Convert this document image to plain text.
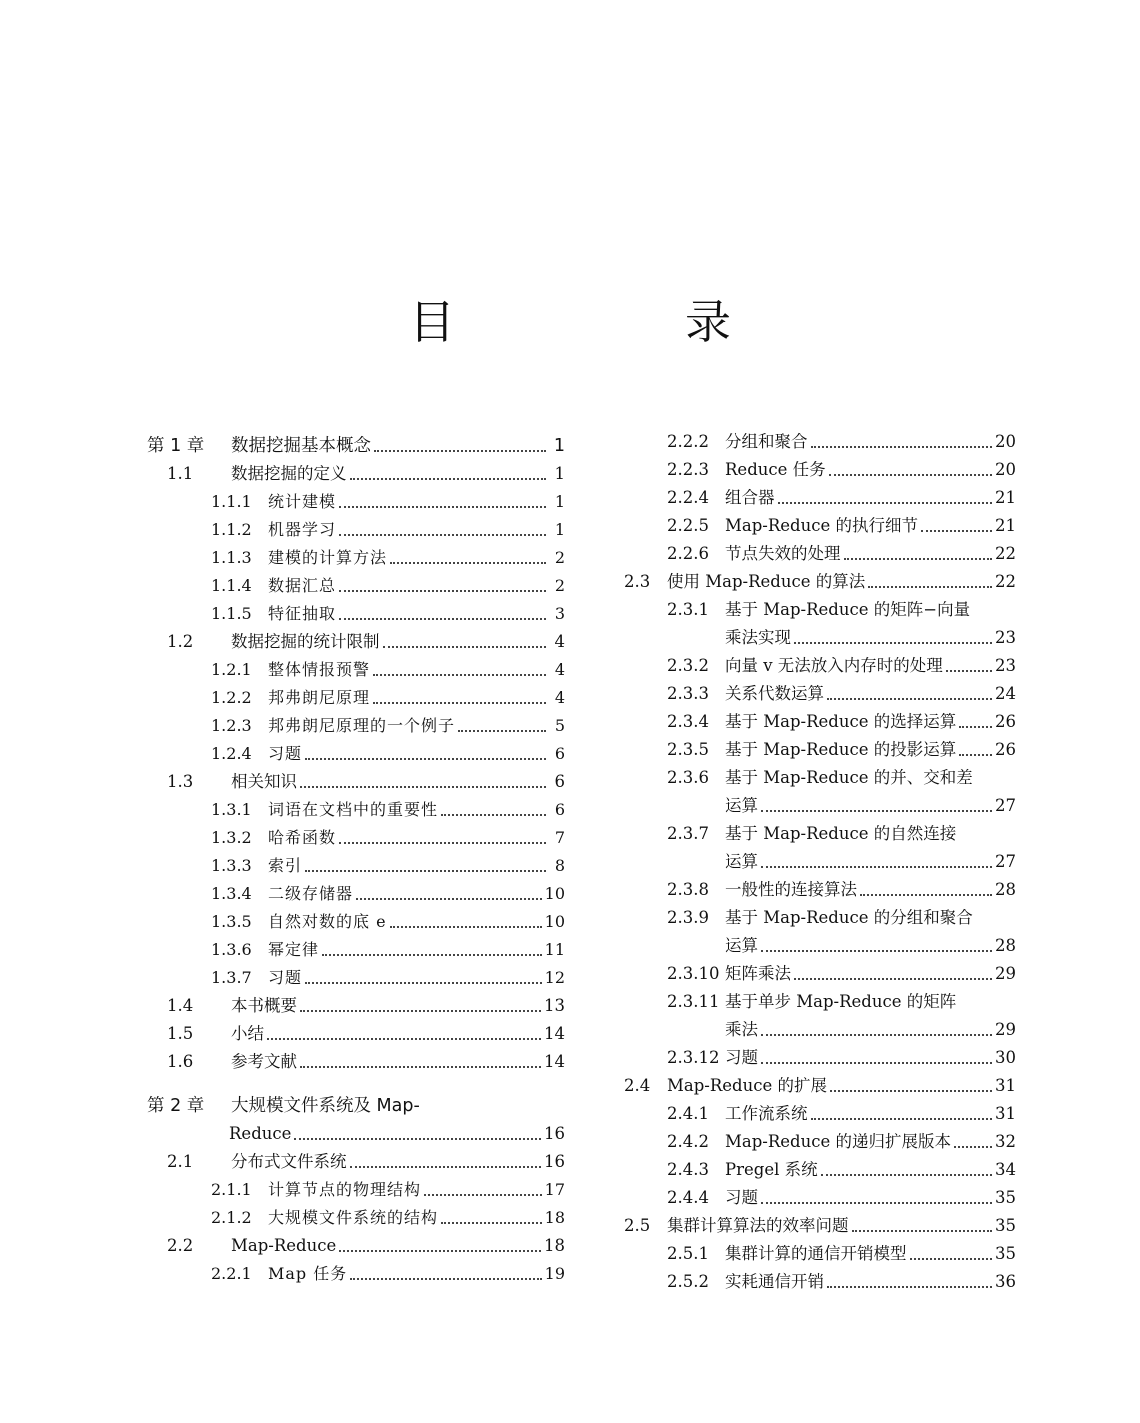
目　录
第 1 章	数据挖掘基本概念	1
1.1	数据挖掘的定义	1
1.1.1	统计建模	1
1.1.2	机器学习	1
1.1.3	建模的计算方法	2
1.1.4	数据汇总	2
1.1.5	特征抽取	3
1.2	数据挖掘的统计限制	4
1.2.1	整体情报预警	4
1.2.2	邦弗朗尼原理	4
1.2.3	邦弗朗尼原理的一个例子	5
1.2.4	习题	6
1.3	相关知识	6
1.3.1	词语在文档中的重要性	6
1.3.2	哈希函数	7
1.3.3	索引	8
1.3.4	二级存储器	10
1.3.5	自然对数的底 e	10
1.3.6	幂定律	11
1.3.7	习题	12
1.4	本书概要	13
1.5	小结	14
1.6	参考文献	14
第 2 章	大规模文件系统及 Map-
Reduce	16
2.1	分布式文件系统	16
2.1.1	计算节点的物理结构	17
2.1.2	大规模文件系统的结构	18
2.2	Map-Reduce	18
2.2.1	Map 任务	19
2.2.2 分组和聚合	20
2.2.3 Reduce 任务	20
2.2.4 组合器	21
2.2.5 Map-Reduce 的执行细节	21
2.2.6 节点失效的处理	22
2.3	使用 Map-Reduce 的算法	22
2.3.1 基于 Map-Reduce 的矩阵−向量
乘法实现	23
2.3.2 向量 v 无法放入内存时的处理	23
2.3.3 关系代数运算	24
2.3.4 基于 Map-Reduce 的选择运算 26
2.3.5 基于 Map-Reduce 的投影运算 26
2.3.6 基于 Map-Reduce 的并、交和差
运算	27
2.3.7 基于 Map-Reduce 的自然连接
运算	27
2.3.8 一般性的连接算法	28
2.3.9 基于 Map-Reduce 的分组和聚合
运算	28
2.3.10 矩阵乘法	29
2.3.11 基于单步 Map-Reduce 的矩阵
乘法	29
2.3.12 习题	30
2.4	Map-Reduce 的扩展	31
2.4.1 工作流系统	31
2.4.2 Map-Reduce 的递归扩展版本	32
2.4.3 Pregel 系统	34
2.4.4 习题	35
2.5	集群计算算法的效率问题	35
2.5.1 集群计算的通信开销模型	35
2.5.2 实耗通信开销	36
